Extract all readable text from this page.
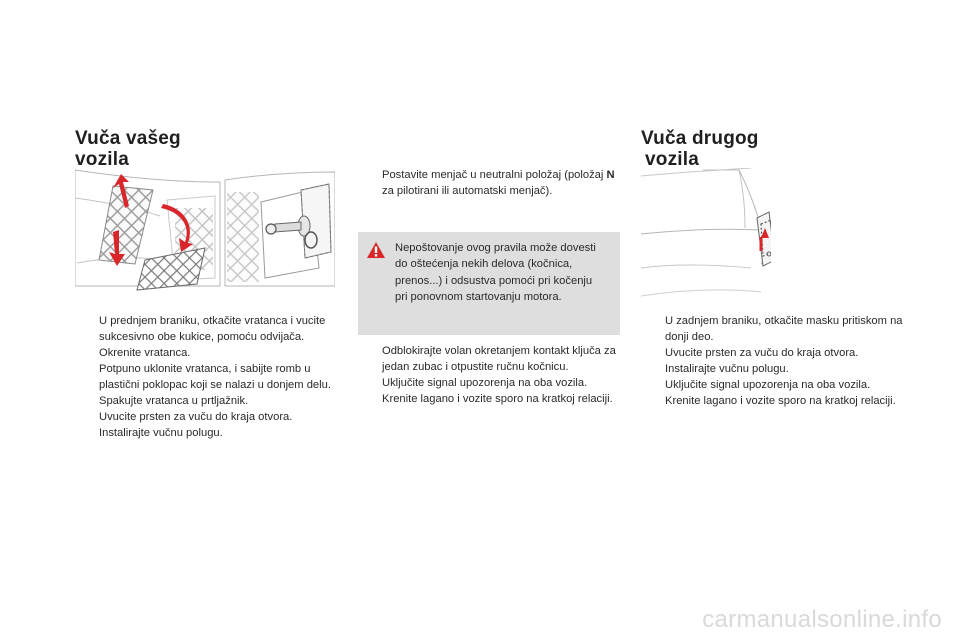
Vuča vašeg
vozila
U prednjem braniku, otkačite vratanca i vucite sukcesivno obe kukice, pomoću odvijača.
Okrenite vratanca.
Potpuno uklonite vratanca, i sabijte romb u plastični poklopac koji se nalazi u donjem delu.
Spakujte vratanca u prtljažnik.
Uvucite prsten za vuču do kraja otvora.
Instalirajte vučnu polugu.
Postavite menjač u neutralni položaj (položaj N za pilotirani ili automatski menjač).
Nepoštovanje ovog pravila može dovesti do oštećenja nekih delova (kočnica, prenos...) i odsustva pomoći pri kočenju pri ponovnom startovanju motora.
Odblokirajte volan okretanjem kontakt ključa za jedan zubac i otpustite ručnu kočnicu.
Uključite signal upozorenja na oba vozila.
Krenite lagano i vozite sporo na kratkoj relaciji.
Vuča drugog
vozila
U zadnjem braniku, otkačite masku pritiskom na donji deo.
Uvucite prsten za vuču do kraja otvora.
Instalirajte vučnu polugu.
Uključite signal upozorenja na oba vozila.
Krenite lagano i vozite sporo na kratkoj relaciji.
carmanualsonline.info
